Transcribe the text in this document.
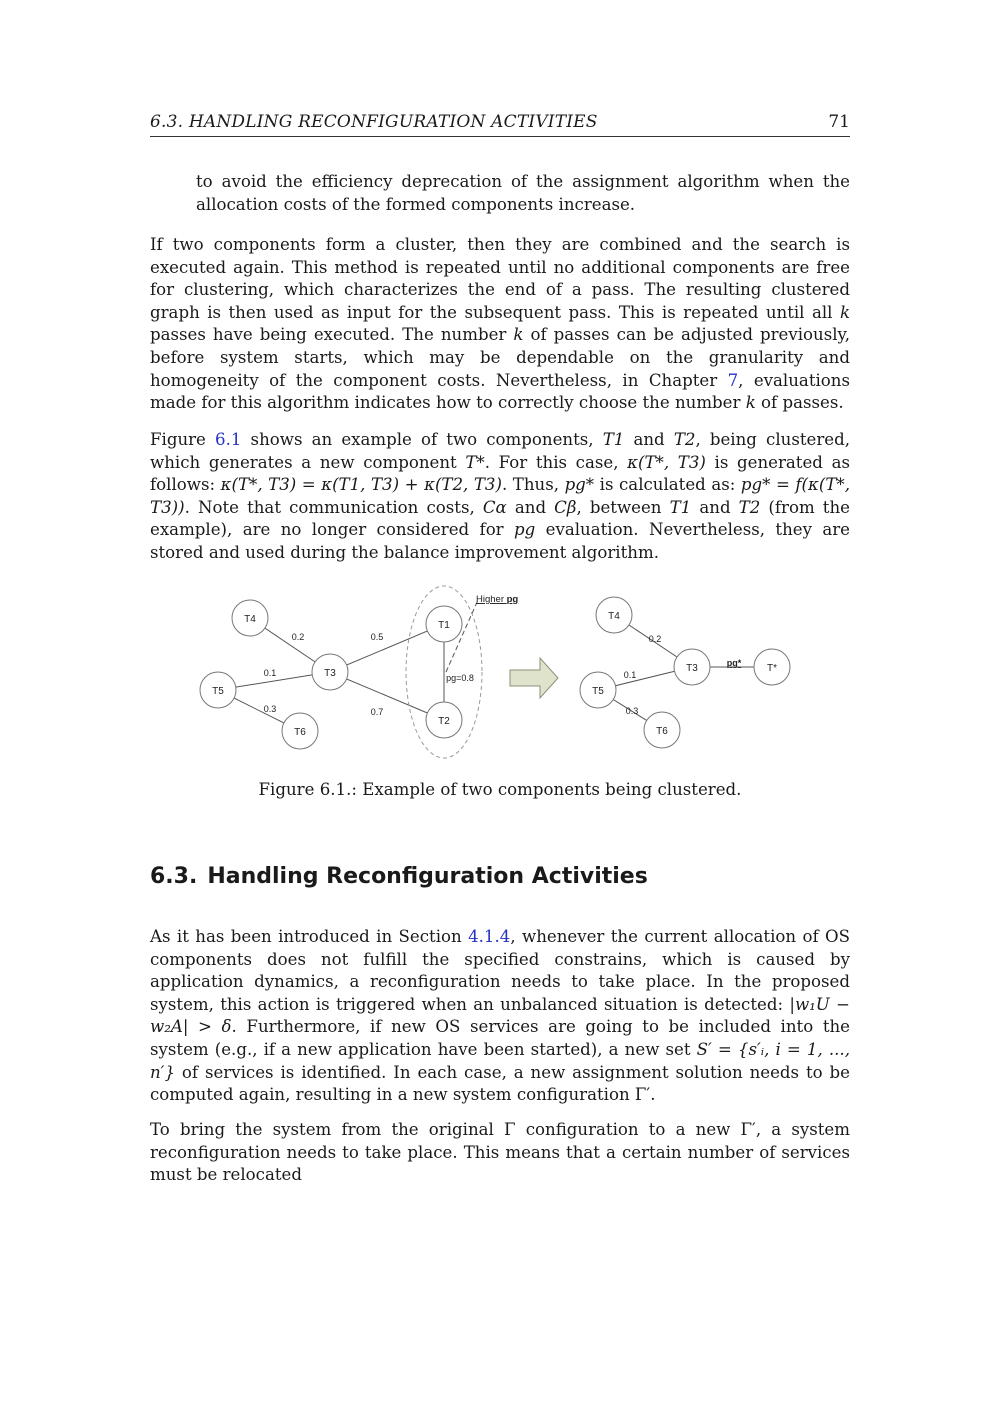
6.3. HANDLING RECONFIGURATION ACTIVITIES	71
to avoid the efficiency deprecation of the assignment algorithm when the allocation costs of the formed components increase.

If two components form a cluster, then they are combined and the search is executed again. This method is repeated until no additional components are free for clustering, which characterizes the end of a pass. The resulting clustered graph is then used as input for the subsequent pass. This is repeated until all k passes have being executed. The number k of passes can be adjusted previously, before system starts, which may be dependable on the granularity and homogeneity of the component costs. Nevertheless, in Chapter 7, evaluations made for this algorithm indicates how to correctly choose the number k of passes.

Figure 6.1 shows an example of two components, T1 and T2, being clustered, which generates a new component T*. For this case, κ(T*, T3) is generated as follows: κ(T*, T3) = κ(T1, T3) + κ(T2, T3). Thus, pg* is calculated as: pg* = f(κ(T*, T3)). Note that communication costs, Cα and Cβ, between T1 and T2 (from the example), are no longer considered for pg evaluation. Nevertheless, they are stored and used during the balance improvement algorithm.

T4
T5
T3
T6
T1
T2
0.2
0.1
0.3
0.5
0.7
pg=0.8
Higher pg
T4
T5
T3
T6
T*
0.2
0.1
0.3
pg*
Figure 6.1.: Example of two components being clustered.
6.3. Handling Reconfiguration Activities

As it has been introduced in Section 4.1.4, whenever the current allocation of OS components does not fulfill the specified constrains, which is caused by application dynamics, a reconfiguration needs to take place. In the proposed system, this action is triggered when an unbalanced situation is detected: |w₁U − w₂A| > δ. Furthermore, if new OS services are going to be included into the system (e.g., if a new application have been started), a new set S′ = {s′ᵢ, i = 1, ..., n′} of services is identified. In each case, a new assignment solution needs to be computed again, resulting in a new system configuration Γ′.

To bring the system from the original Γ configuration to a new Γ′, a system reconfiguration needs to take place. This means that a certain number of services must be relocated
